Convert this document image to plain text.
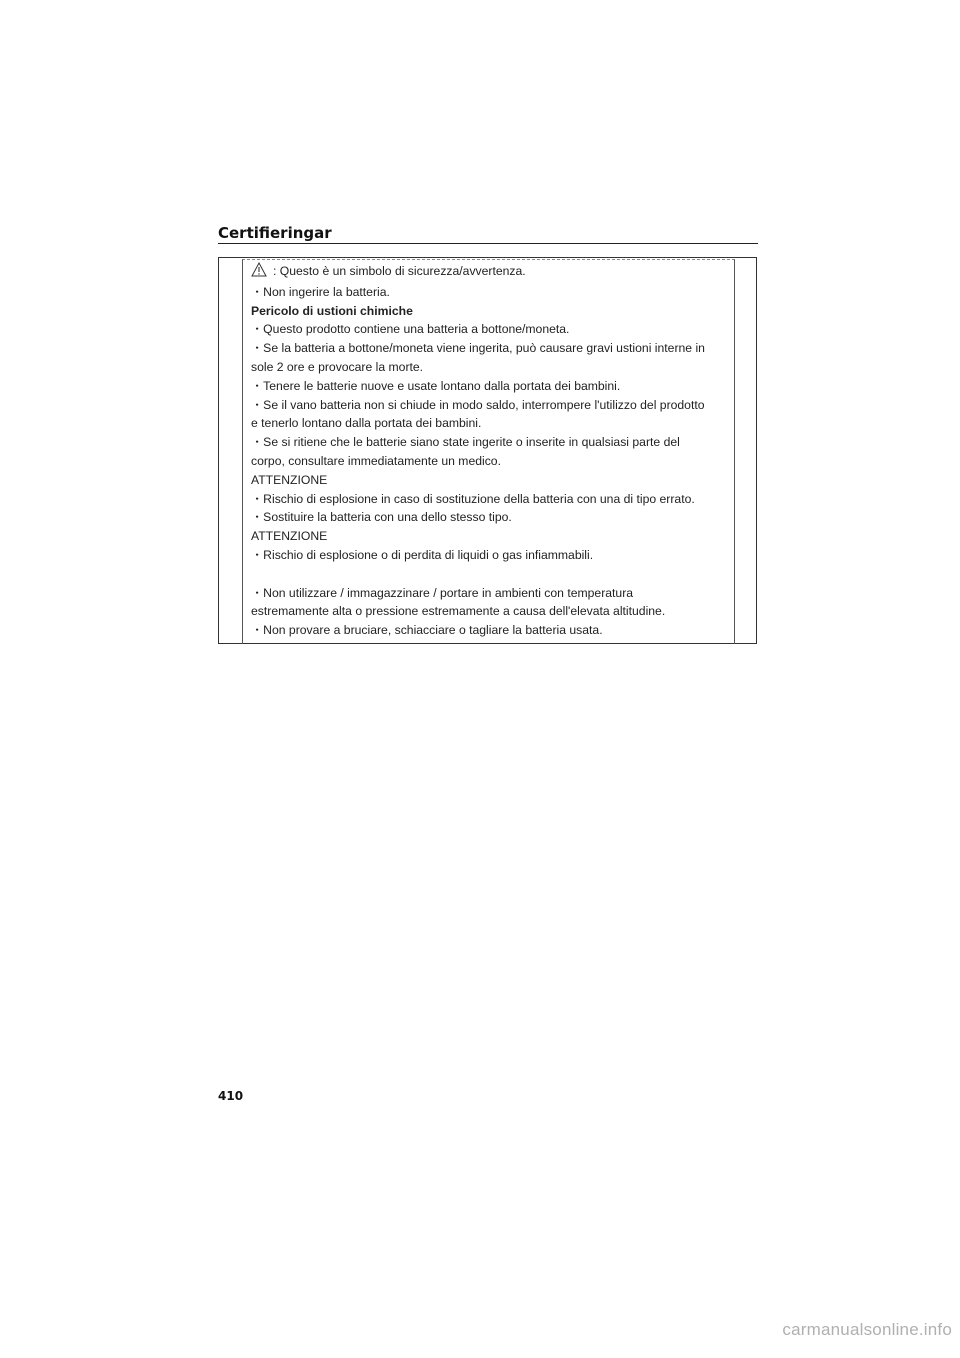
Certifieringar
: Questo è un simbolo di sicurezza/avvertenza.
・Non ingerire la batteria.
Pericolo di ustioni chimiche
・Questo prodotto contiene una batteria a bottone/moneta.
・Se la batteria a bottone/moneta viene ingerita, può causare gravi ustioni interne in
sole 2 ore e provocare la morte.
・Tenere le batterie nuove e usate lontano dalla portata dei bambini.
・Se il vano batteria non si chiude in modo saldo, interrompere l'utilizzo del prodotto
e tenerlo lontano dalla portata dei bambini.
・Se si ritiene che le batterie siano state ingerite o inserite in qualsiasi parte del
corpo, consultare immediatamente un medico.
ATTENZIONE
・Rischio di esplosione in caso di sostituzione della batteria con una di tipo errato.
・Sostituire la batteria con una dello stesso tipo.
ATTENZIONE
・Rischio di esplosione o di perdita di liquidi o gas infiammabili.
・Non utilizzare / immagazzinare / portare in ambienti con temperatura
estremamente alta o pressione estremamente a causa dell'elevata altitudine.
・Non provare a bruciare, schiacciare o tagliare la batteria usata.
410
carmanualsonline.info
